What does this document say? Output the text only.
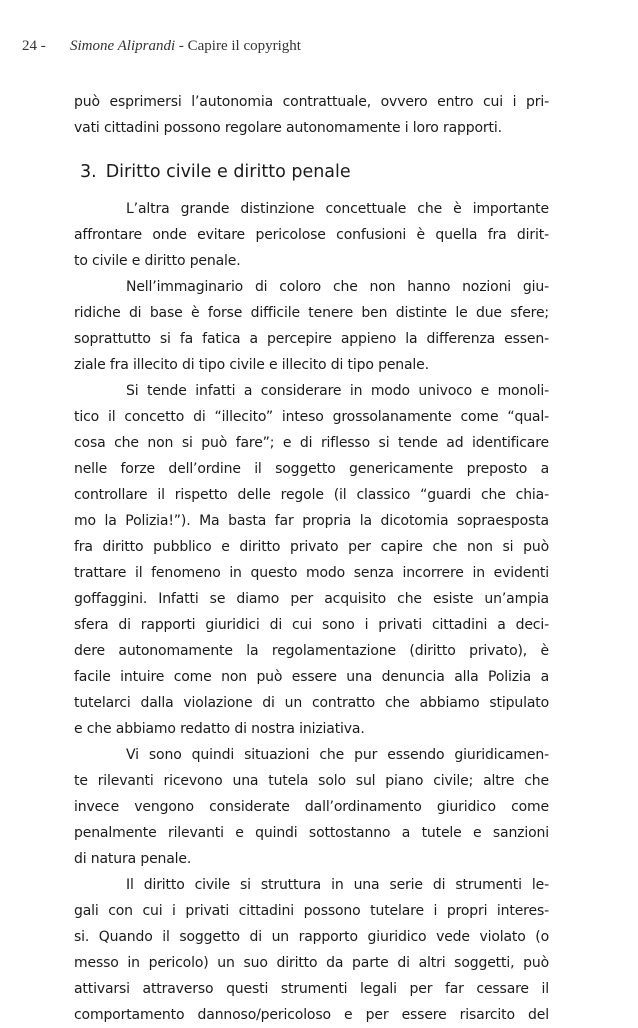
24 - Simone Aliprandi - Capire il copyright
può esprimersi l’autonomia contrattuale, ovvero entro cui i pri-
vati cittadini possono regolare autonomamente i loro rapporti.
3. Diritto civile e diritto penale
L’altra grande distinzione concettuale che è importante
affrontare onde evitare pericolose confusioni è quella fra dirit-
to civile e diritto penale.
Nell’immaginario di coloro che non hanno nozioni giu-
ridiche di base è forse difficile tenere ben distinte le due sfere;
soprattutto si fa fatica a percepire appieno la differenza essen-
ziale fra illecito di tipo civile e illecito di tipo penale.
Si tende infatti a considerare in modo univoco e monoli-
tico il concetto di “illecito” inteso grossolanamente come “qual-
cosa che non si può fare”; e di riflesso si tende ad identificare
nelle forze dell’ordine il soggetto genericamente preposto a
controllare il rispetto delle regole (il classico “guardi che chia-
mo la Polizia!”). Ma basta far propria la dicotomia sopraesposta
fra diritto pubblico e diritto privato per capire che non si può
trattare il fenomeno in questo modo senza incorrere in evidenti
goffaggini. Infatti se diamo per acquisito che esiste un’ampia
sfera di rapporti giuridici di cui sono i privati cittadini a deci-
dere autonomamente la regolamentazione (diritto privato), è
facile intuire come non può essere una denuncia alla Polizia a
tutelarci dalla violazione di un contratto che abbiamo stipulato
e che abbiamo redatto di nostra iniziativa.
Vi sono quindi situazioni che pur essendo giuridicamen-
te rilevanti ricevono una tutela solo sul piano civile; altre che
invece vengono considerate dall’ordinamento giuridico come
penalmente rilevanti e quindi sottostanno a tutele e sanzioni
di natura penale.
Il diritto civile si struttura in una serie di strumenti le-
gali con cui i privati cittadini possono tutelare i propri interes-
si. Quando il soggetto di un rapporto giuridico vede violato (o
messo in pericolo) un suo diritto da parte di altri soggetti, può
attivarsi attraverso questi strumenti legali per far cessare il
comportamento dannoso/pericoloso e per essere risarcito del
